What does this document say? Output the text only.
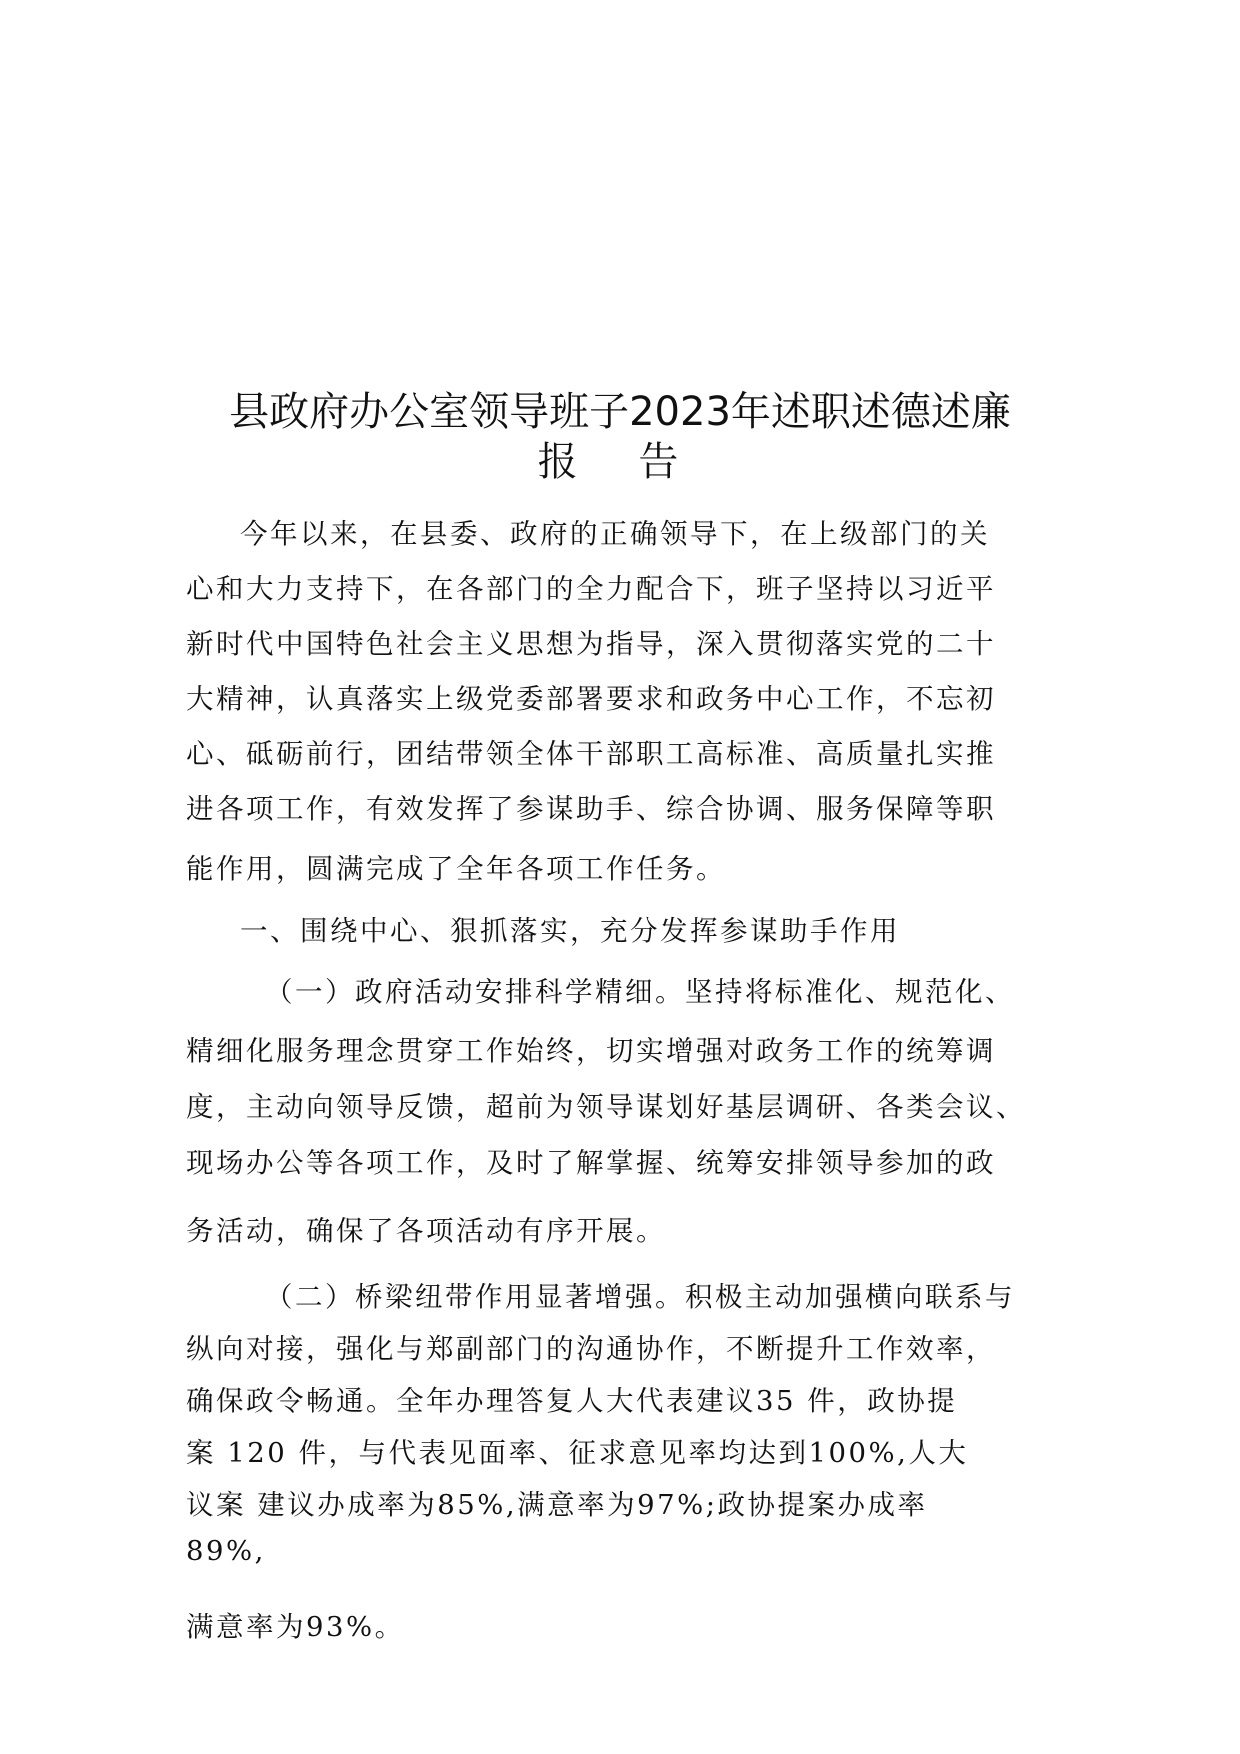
县政府办公室领导班子2023年述职述德述廉
报 告
今年以来，在县委、政府的正确领导下，在上级部门的关
心和大力支持下，在各部门的全力配合下，班子坚持以习近平
新时代中国特色社会主义思想为指导，深入贯彻落实党的二十
大精神，认真落实上级党委部署要求和政务中心工作，不忘初
心、砥砺前行，团结带领全体干部职工高标准、高质量扎实推
进各项工作，有效发挥了参谋助手、综合协调、服务保障等职
能作用，圆满完成了全年各项工作任务。
一、围绕中心、狠抓落实，充分发挥参谋助手作用
（一）政府活动安排科学精细。坚持将标准化、规范化、
精细化服务理念贯穿工作始终，切实增强对政务工作的统筹调
度，主动向领导反馈，超前为领导谋划好基层调研、各类会议、
现场办公等各项工作，及时了解掌握、统筹安排领导参加的政
务活动，确保了各项活动有序开展。
（二）桥梁纽带作用显著增强。积极主动加强横向联系与
纵向对接，强化与郑副部门的沟通协作，不断提升工作效率，
确保政令畅通。全年办理答复人大代表建议35 件，政协提
案 120 件，与代表见面率、征求意见率均达到100%,人大
议案 建议办成率为85%,满意率为97%;政协提案办成率
89%,
满意率为93%。
